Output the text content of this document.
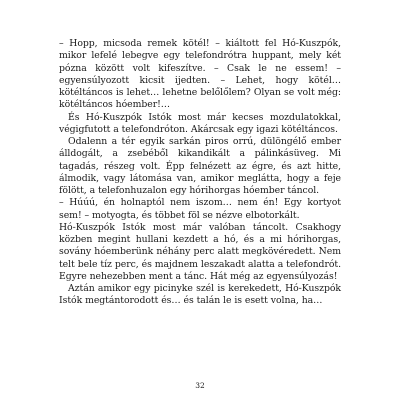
– Hopp, micsoda remek kötél! – kiáltott fel Hó-Kuszpók, mikor lefelé lebegve egy telefondrótra huppant, mely két pózna között volt kifeszítve. – Csak le ne essem! – egyensúlyozott kicsit ijedten. – Lehet, hogy kötél… kötéltáncos is lehet… lehetne belőlőlem? Olyan se volt még: kötéltáncos hóember!…

És Hó-Kuszpók Istók most már kecses mozdulatokkal, végigfutott a telefondróton. Akárcsak egy igazi kötéltáncos.

Odalenn a tér egyik sarkán piros orrú, dülöngélő ember álldogált, a zsebéből kikandikált a pálinkásüveg. Mi tagadás, részeg volt. Épp felnézett az égre, és azt hitte, álmodik, vagy látomása van, amikor meglátta, hogy a feje fölött, a telefonhuzalon egy hórihorgas hóember táncol.

– Húúú, én holnaptól nem iszom… nem én! Egy kortyot sem! – motyogta, és többet föl se nézve elbotorkált.

Hó-Kuszpók Istók most már valóban táncolt. Csakhogy közben megint hullani kezdett a hó, és a mi hórihorgas, sovány hóemberünk néhány perc alatt megkövéredett. Nem telt bele tíz perc, és majdnem leszakadt alatta a telefondrót. Egyre nehezebben ment a tánc. Hát még az egyensúlyozás!

Aztán amikor egy picinyke szél is kerekedett, Hó-Kuszpók Istók megtántorodott és… és talán le is esett volna, ha…

32
